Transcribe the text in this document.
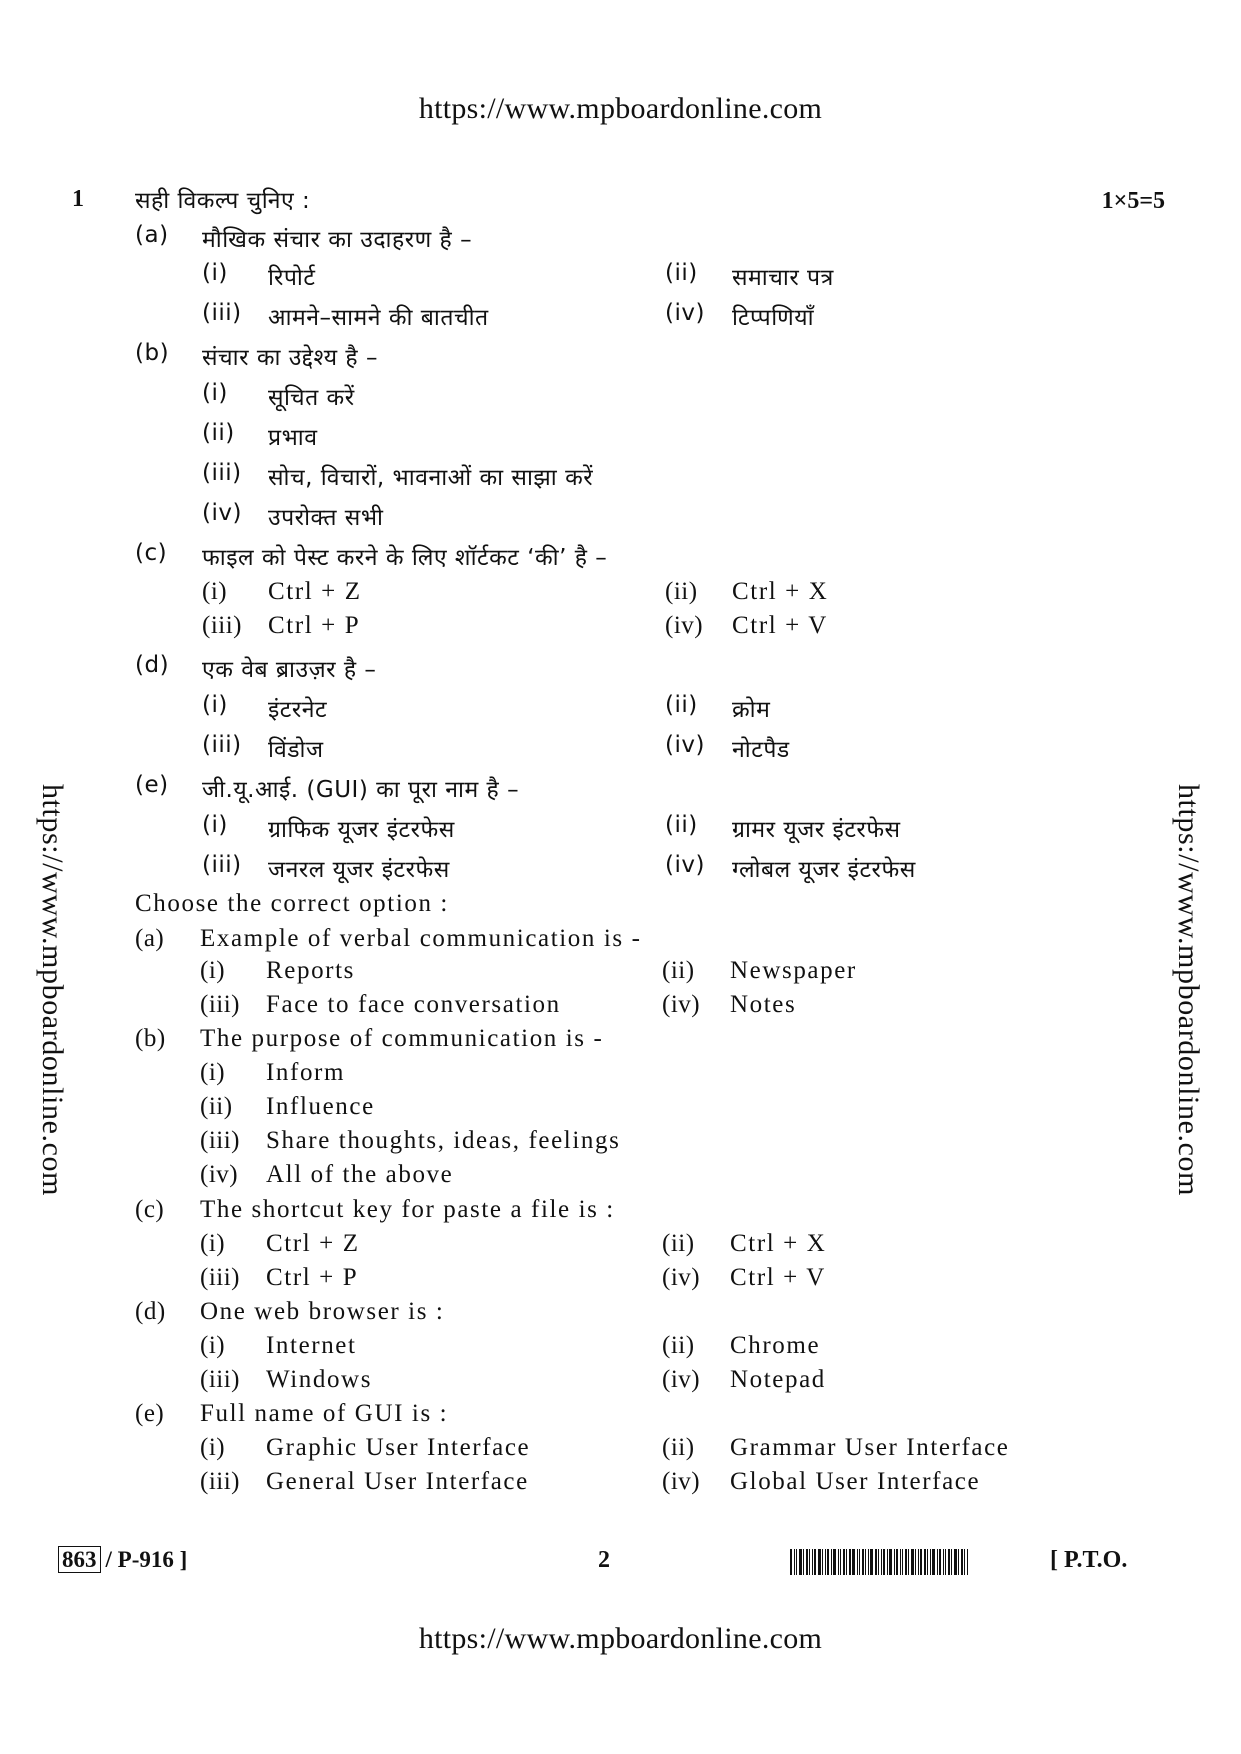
https://www.mpboardonline.com
https://www.mpboardonline.com	https://www.mpboardonline.com
https://www.mpboardonline.com
1	1×5=5
सही विकल्प चुनिए :
(a) मौखिक संचार का उदाहरण है –
(i) रिपोर्ट	(ii) समाचार पत्र
(iii) आमने–सामने की बातचीत	(iv) टिप्पणियाँ
(b) संचार का उद्देश्य है –
(i) सूचित करें
(ii) प्रभाव
(iii) सोच, विचारों, भावनाओं का साझा करें
(iv) उपरोक्त सभी
(c) फाइल को पेस्ट करने के लिए शॉर्टकट ‘की’ है –
(i) Ctrl + Z	(ii) Ctrl + X
(iii) Ctrl + P	(iv) Ctrl + V
(d) एक वेब ब्राउज़र है –
(i) इंटरनेट	(ii) क्रोम
(iii) विंडोज	(iv) नोटपैड
(e) जी.यू.आई. (GUI) का पूरा नाम है –
(i) ग्राफिक यूजर इंटरफेस	(ii) ग्रामर यूजर इंटरफेस
(iii) जनरल यूजर इंटरफेस	(iv) ग्लोबल यूजर इंटरफेस
Choose the correct option :
(a) Example of verbal communication is -
(i) Reports	(ii) Newspaper
(iii) Face to face conversation	(iv) Notes
(b) The purpose of communication is -
(i) Inform
(ii) Influence
(iii) Share thoughts, ideas, feelings
(iv) All of the above
(c) The shortcut key for paste a file is :
(i) Ctrl + Z	(ii) Ctrl + X
(iii) Ctrl + P	(iv) Ctrl + V
(d) One web browser is :
(i) Internet	(ii) Chrome
(iii) Windows	(iv) Notepad
(e) Full name of GUI is :
(i) Graphic User Interface	(ii) Grammar User Interface
(iii) General User Interface	(iv) Global User Interface
863 / P-916 ]	2	[ P.T.O.
